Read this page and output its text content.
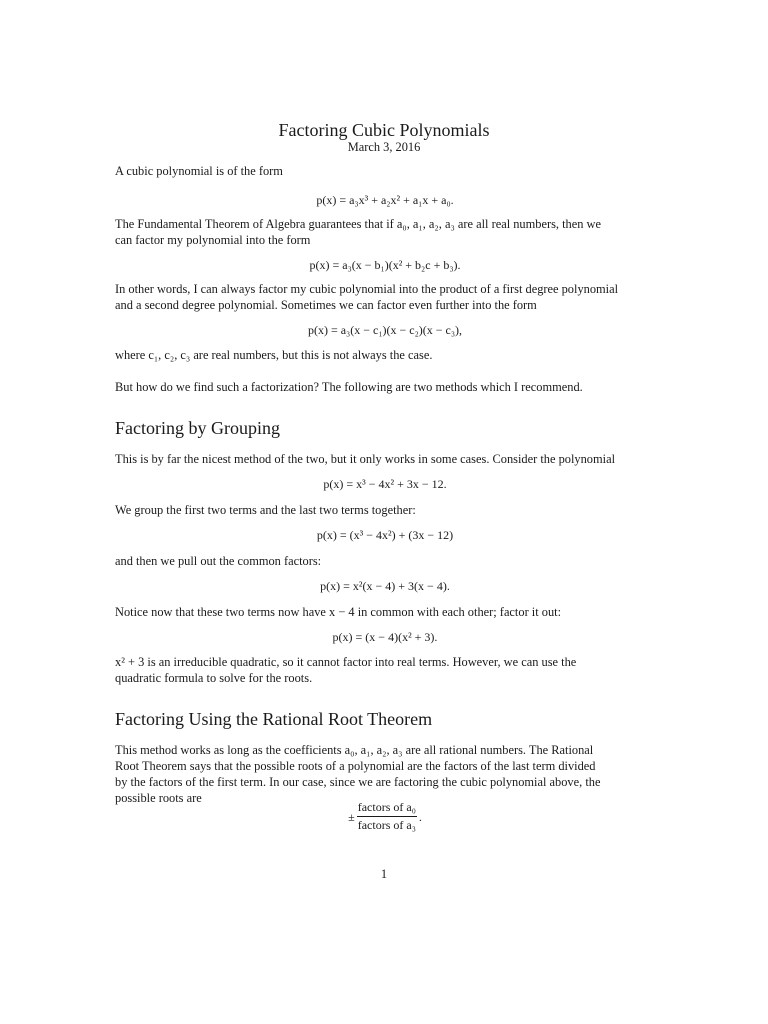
Factoring Cubic Polynomials
March 3, 2016
A cubic polynomial is of the form
p(x) = a₃x³ + a₂x² + a₁x + a₀.
The Fundamental Theorem of Algebra guarantees that if a₀, a₁, a₂, a₃ are all real numbers, then we
can factor my polynomial into the form
p(x) = a₃(x − b₁)(x² + b₂c + b₃).
In other words, I can always factor my cubic polynomial into the product of a first degree polynomial
and a second degree polynomial. Sometimes we can factor even further into the form
p(x) = a₃(x − c₁)(x − c₂)(x − c₃),
where c₁, c₂, c₃ are real numbers, but this is not always the case.
But how do we find such a factorization? The following are two methods which I recommend.
Factoring by Grouping
This is by far the nicest method of the two, but it only works in some cases. Consider the polynomial
p(x) = x³ − 4x² + 3x − 12.
We group the first two terms and the last two terms together:
p(x) = (x³ − 4x²) + (3x − 12)
and then we pull out the common factors:
p(x) = x²(x − 4) + 3(x − 4).
Notice now that these two terms now have x − 4 in common with each other; factor it out:
p(x) = (x − 4)(x² + 3).
x² + 3 is an irreducible quadratic, so it cannot factor into real terms. However, we can use the
quadratic formula to solve for the roots.
Factoring Using the Rational Root Theorem
This method works as long as the coefficients a₀, a₁, a₂, a₃ are all rational numbers. The Rational
Root Theorem says that the possible roots of a polynomial are the factors of the last term divided
by the factors of the first term. In our case, since we are factoring the cubic polynomial above, the
possible roots are
± $\frac{\text{factors of a₀}}{\text{factors of a₃}}$ .
1
